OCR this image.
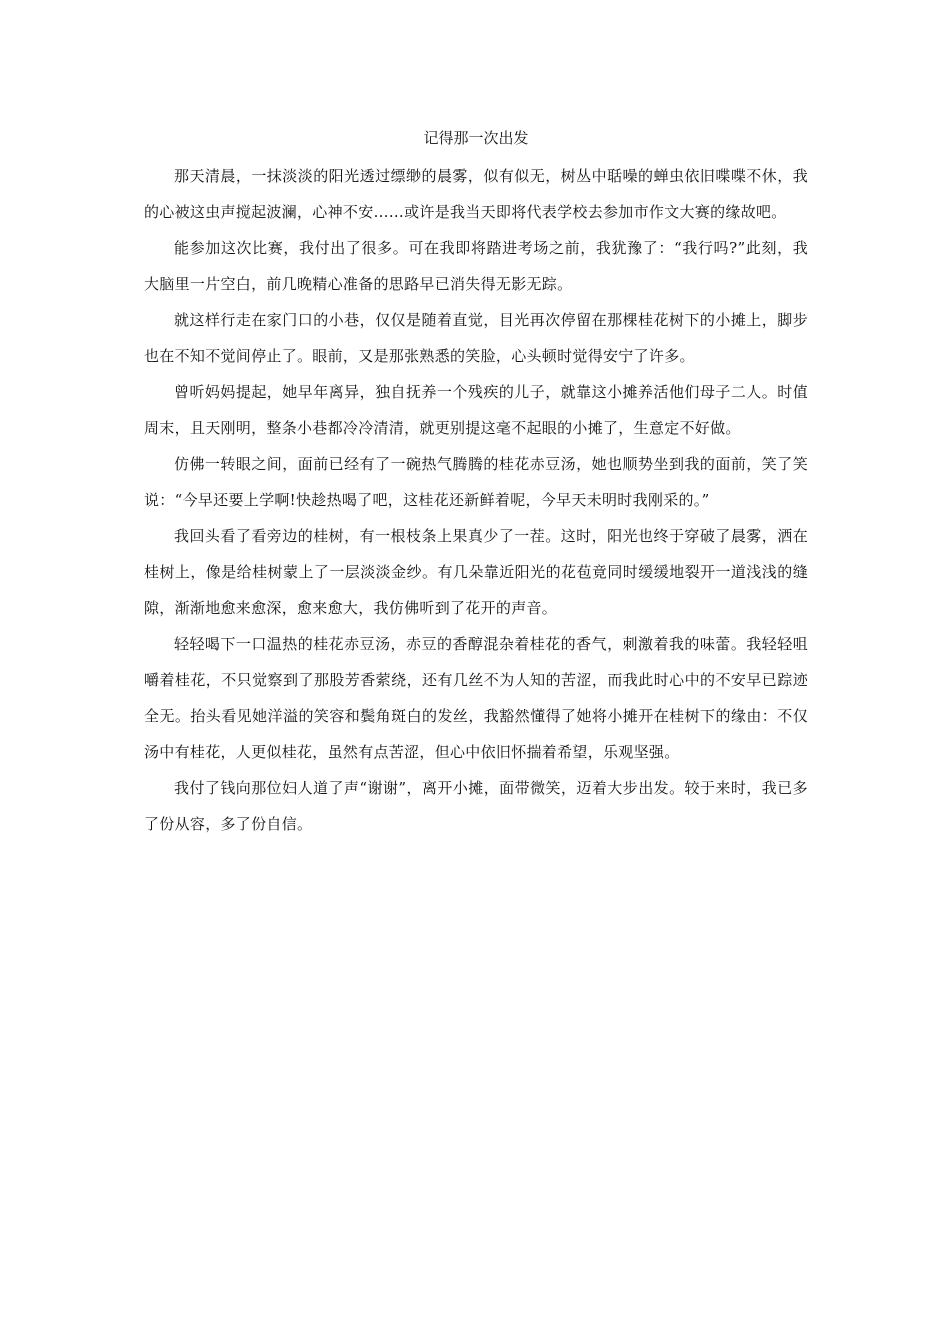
记得那一次出发

那天清晨，一抹淡淡的阳光透过缥缈的晨雾，似有似无，树丛中聒噪的蝉虫依旧喋喋不休，我的心被这虫声搅起波澜，心神不安……或许是我当天即将代表学校去参加市作文大赛的缘故吧。

能参加这次比赛，我付出了很多。可在我即将踏进考场之前，我犹豫了：“我行吗?”此刻，我大脑里一片空白，前几晚精心准备的思路早已消失得无影无踪。

就这样行走在家门口的小巷，仅仅是随着直觉，目光再次停留在那棵桂花树下的小摊上，脚步也在不知不觉间停止了。眼前，又是那张熟悉的笑脸，心头顿时觉得安宁了许多。

曾听妈妈提起，她早年离异，独自抚养一个残疾的儿子，就靠这小摊养活他们母子二人。时值周末，且天刚明，整条小巷都冷冷清清，就更别提这毫不起眼的小摊了，生意定不好做。

仿佛一转眼之间，面前已经有了一碗热气腾腾的桂花赤豆汤，她也顺势坐到我的面前，笑了笑说：“今早还要上学啊!快趁热喝了吧，这桂花还新鲜着呢，今早天未明时我刚采的。”

我回头看了看旁边的桂树，有一根枝条上果真少了一茬。这时，阳光也终于穿破了晨雾，洒在桂树上，像是给桂树蒙上了一层淡淡金纱。有几朵靠近阳光的花苞竟同时缓缓地裂开一道浅浅的缝隙，渐渐地愈来愈深，愈来愈大，我仿佛听到了花开的声音。

轻轻喝下一口温热的桂花赤豆汤，赤豆的香醇混杂着桂花的香气，刺激着我的味蕾。我轻轻咀嚼着桂花，不只觉察到了那股芳香萦绕，还有几丝不为人知的苦涩，而我此时心中的不安早已踪迹全无。抬头看见她洋溢的笑容和鬓角斑白的发丝，我豁然懂得了她将小摊开在桂树下的缘由：不仅汤中有桂花，人更似桂花，虽然有点苦涩，但心中依旧怀揣着希望，乐观坚强。

我付了钱向那位妇人道了声“谢谢”，离开小摊，面带微笑，迈着大步出发。较于来时，我已多了份从容，多了份自信。
